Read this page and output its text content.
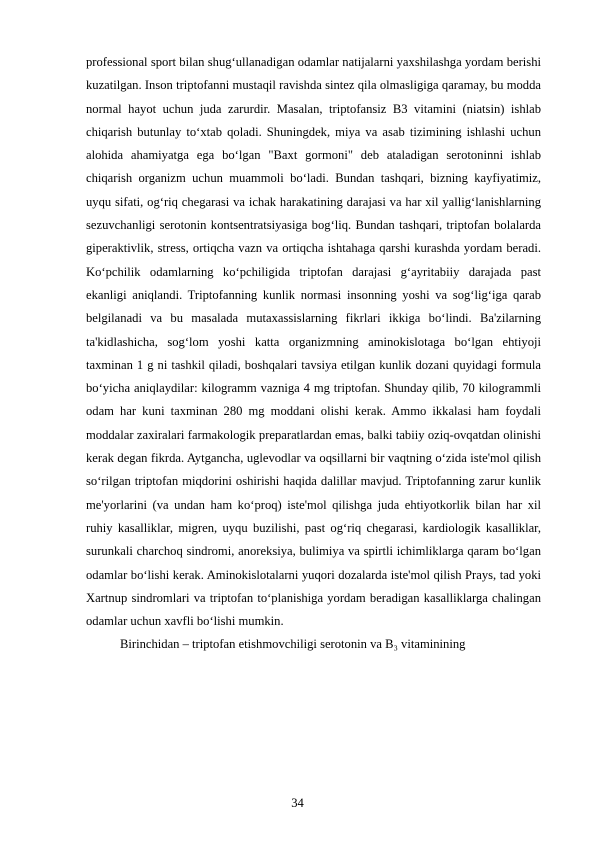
professional sport bilan shug‘ullanadigan odamlar natijalarni yaxshilashga yordam berishi kuzatilgan. Inson triptofanni mustaqil ravishda sintez qila olmasligiga qaramay, bu modda normal hayot uchun juda zarurdir. Masalan, triptofansiz B3 vitamini (niatsin) ishlab chiqarish butunlay to‘xtab qoladi. Shuningdek, miya va asab tizimining ishlashi uchun alohida ahamiyatga ega bo‘lgan "Baxt gormoni" deb ataladigan serotoninni ishlab chiqarish organizm uchun muammoli bo‘ladi. Bundan tashqari, bizning kayfiyatimiz, uyqu sifati, og‘riq chegarasi va ichak harakatining darajasi va har xil yallig‘lanishlarning sezuvchanligi serotonin kontsentratsiyasiga bog‘liq. Bundan tashqari, triptofan bolalarda giperaktivlik, stress, ortiqcha vazn va ortiqcha ishtahaga qarshi kurashda yordam beradi. Ko‘pchilik odamlarning ko‘pchiligida triptofan darajasi g‘ayritabiiy darajada past ekanligi aniqlandi. Triptofanning kunlik normasi insonning yoshi va sog‘lig‘iga qarab belgilanadi va bu masalada mutaxassislarning fikrlari ikkiga bo‘lindi. Ba'zilarning ta'kidlashicha, sog‘lom yoshi katta organizmning aminokislotaga bo‘lgan ehtiyoji taxminan 1 g ni tashkil qiladi, boshqalari tavsiya etilgan kunlik dozani quyidagi formula bo‘yicha aniqlaydilar: kilogramm vazniga 4 mg triptofan. Shunday qilib, 70 kilogrammli odam har kuni taxminan 280 mg moddani olishi kerak. Ammo ikkalasi ham foydali moddalar zaxiralari farmakologik preparatlardan emas, balki tabiiy oziq-ovqatdan olinishi kerak degan fikrda. Aytgancha, uglevodlar va oqsillarni bir vaqtning o‘zida iste'mol qilish so‘rilgan triptofan miqdorini oshirishi haqida dalillar mavjud. Triptofanning zarur kunlik me'yorlarini (va undan ham ko‘proq) iste'mol qilishga juda ehtiyotkorlik bilan har xil ruhiy kasalliklar, migren, uyqu buzilishi, past og‘riq chegarasi, kardiologik kasalliklar, surunkali charchoq sindromi, anoreksiya, bulimiya va spirtli ichimliklarga qaram bo‘lgan odamlar bo‘lishi kerak. Aminokislotalarni yuqori dozalarda iste'mol qilish Prays, tad yoki Xartnup sindromlari va triptofan to‘planishiga yordam beradigan kasalliklarga chalingan odamlar uchun xavfli bo‘lishi mumkin.

Birinchidan – triptofan etishmovchiligi serotonin va B₃ vitaminining

34
